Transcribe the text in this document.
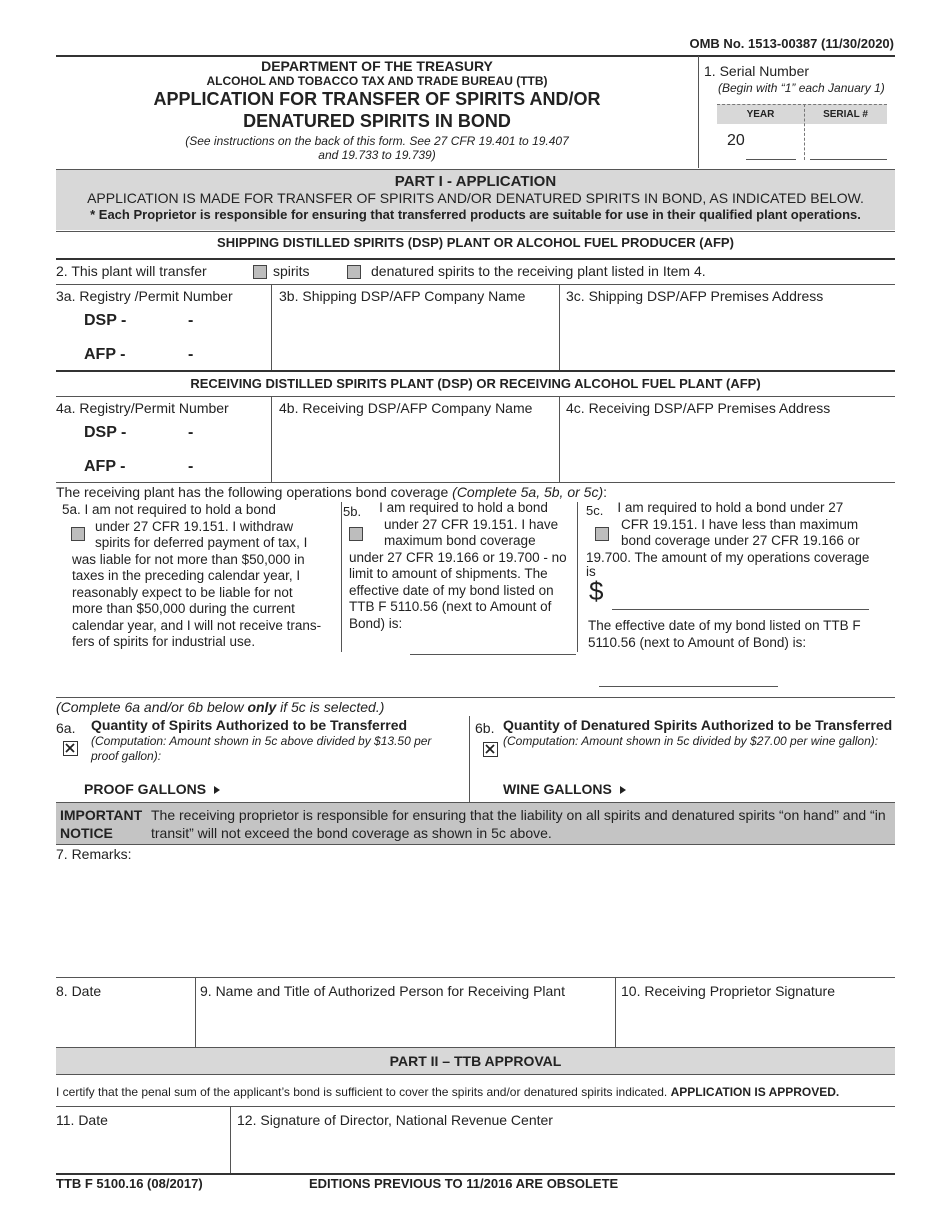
OMB No. 1513-00387 (11/30/2020)
DEPARTMENT OF THE TREASURY
ALCOHOL AND TOBACCO TAX AND TRADE BUREAU (TTB)
APPLICATION FOR TRANSFER OF SPIRITS AND/OR
DENATURED SPIRITS IN BOND
(See instructions on the back of this form. See 27 CFR 19.401 to 19.407
and 19.733 to 19.739)
1. Serial Number
(Begin with “1” each January 1)
YEAR	SERIAL #
20
PART I - APPLICATION
APPLICATION IS MADE FOR TRANSFER OF SPIRITS AND/OR DENATURED SPIRITS IN BOND, AS INDICATED BELOW.
* Each Proprietor is responsible for ensuring that transferred products are suitable for use in their qualified plant operations.
SHIPPING DISTILLED SPIRITS (DSP) PLANT OR ALCOHOL FUEL PRODUCER (AFP)
2. This plant will transfer	spirits	denatured spirits to the receiving plant listed in Item 4.
3a. Registry /Permit Number	3b. Shipping DSP/AFP Company Name	3c. Shipping DSP/AFP Premises Address
DSP -	-
AFP -	-
RECEIVING DISTILLED SPIRITS PLANT (DSP) OR RECEIVING ALCOHOL FUEL PLANT (AFP)
4a. Registry/Permit Number	4b. Receiving DSP/AFP Company Name 4c. Receiving DSP/AFP Premises Address
DSP -	-
AFP -	-
The receiving plant has the following operations bond coverage (Complete 5a, 5b, or 5c):
5a. I am not required to hold a bond
under 27 CFR 19.151. I withdraw
spirits for deferred payment of tax, I
was liable for not more than $50,000 in
taxes in the preceding calendar year, I
reasonably expect to be liable for not
more than $50,000 during the current
calendar year, and I will not receive trans-
fers of spirits for industrial use.
5b. I am required to hold a bond
under 27 CFR 19.151. I have
maximum bond coverage
under 27 CFR 19.166 or 19.700 - no
limit to amount of shipments. The
effective date of my bond listed on
TTB F 5110.56 (next to Amount of
Bond) is:
5c. I am required to hold a bond under 27
CFR 19.151. I have less than maximum
bond coverage under 27 CFR 19.166 or
19.700. The amount of my operations coverage
is
$
The effective date of my bond listed on TTB F
5110.56 (next to Amount of Bond) is:
(Complete 6a and/or 6b below only if 5c is selected.)
6a. Quantity of Spirits Authorized to be Transferred
(Computation: Amount shown in 5c above divided by $13.50 per
proof gallon):
PROOF GALLONS
6b. Quantity of Denatured Spirits Authorized to be Transferred
(Computation: Amount shown in 5c divided by $27.00 per wine gallon):
WINE GALLONS
IMPORTANT
NOTICE
The receiving proprietor is responsible for ensuring that the liability on all spirits and denatured spirits “on hand” and “in
transit” will not exceed the bond coverage as shown in 5c above.
7. Remarks:
8. Date	9. Name and Title of Authorized Person for Receiving Plant	10. Receiving Proprietor Signature
PART II – TTB APPROVAL
I certify that the penal sum of the applicant’s bond is sufficient to cover the spirits and/or denatured spirits indicated. APPLICATION IS APPROVED.
11. Date	12. Signature of Director, National Revenue Center
TTB F 5100.16 (08/2017)	EDITIONS PREVIOUS TO 11/2016 ARE OBSOLETE
